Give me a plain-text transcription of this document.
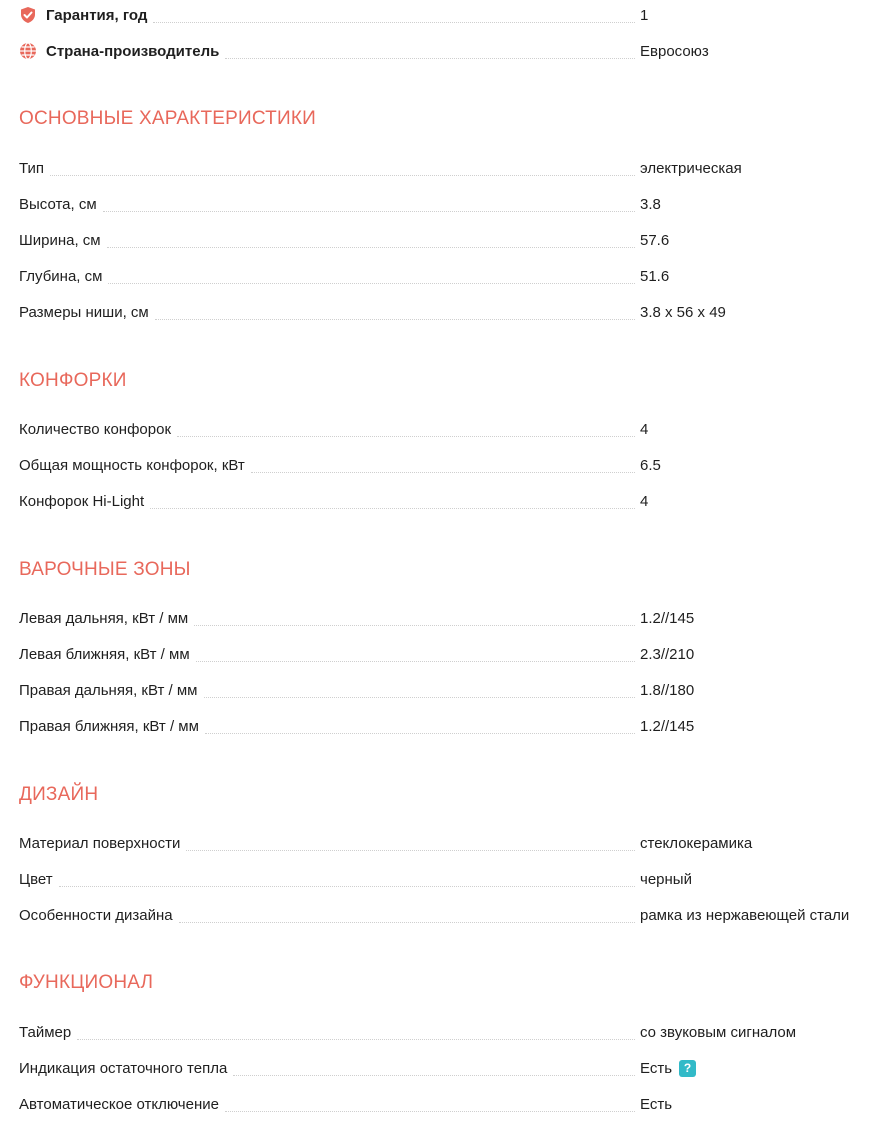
Гарантия, год	1
Страна-производитель	Евросоюз
ОСНОВНЫЕ ХАРАКТЕРИСТИКИ
Тип	электрическая
Высота, см	3.8
Ширина, см	57.6
Глубина, см	51.6
Размеры ниши, см	3.8 x 56 x 49
КОНФОРКИ
Количество конфорок	4
Общая мощность конфорок, кВт	6.5
Конфорок Hi-Light	4
ВАРОЧНЫЕ ЗОНЫ
Левая дальняя, кВт / мм	1.2//145
Левая ближняя, кВт / мм	2.3//210
Правая дальняя, кВт / мм	1.8//180
Правая ближняя, кВт / мм	1.2//145
ДИЗАЙН
Материал поверхности	стеклокерамика
Цвет	черный
Особенности дизайна	рамка из нержавеющей стали
ФУНКЦИОНАЛ
Таймер	со звуковым сигналом
Индикация остаточного тепла	Есть ?
Автоматическое отключение	Есть
